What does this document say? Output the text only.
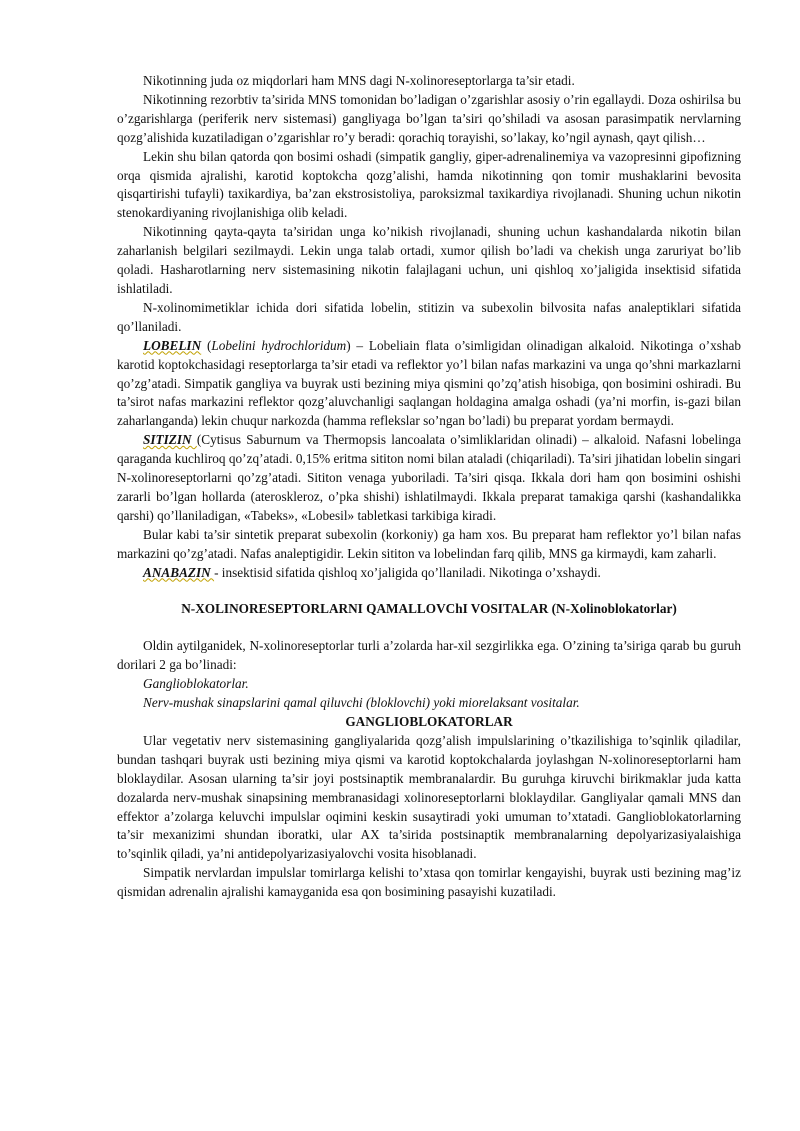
Nikotinning juda oz miqdorlari ham MNS dagi N-xolinoreseptorlarga ta’sir etadi.

Nikotinning rezorbtiv ta’sirida MNS tomonidan bo’ladigan o’zgarishlar asosiy o’rin egallaydi. Doza oshirilsa bu o’zgarishlarga (periferik nerv sistemasi) gangliyaga bo’lgan ta’siri qo’shiladi va asosan parasimpatik nervlarning qozg’alishida kuzatiladigan o’zgarishlar ro’y beradi: qorachiq torayishi, so’lakay, ko’ngil aynash, qayt qilish…

Lekin shu bilan qatorda qon bosimi oshadi (simpatik gangliy, giper-adrenalinemiya va vazopresinni gipofizning orqa qismida ajralishi, karotid koptokcha qozg’alishi, hamda nikotinning qon tomir mushaklarini bevosita qisqartirishi tufayli) taxikardiya, ba’zan ekstrosistoliya, paroksizmal taxikardiya rivojlanadi. Shuning uchun nikotin stenokardiyaning rivojlanishiga olib keladi.

Nikotinning qayta-qayta ta’siridan unga ko’nikish rivojlanadi, shuning uchun kashandalarda nikotin bilan zaharlanish belgilari sezilmaydi. Lekin unga talab ortadi, xumor qilish bo’ladi va chekish unga zaruriyat bo’lib qoladi. Hasharotlarning nerv sistemasining nikotin falajlagani uchun, uni qishloq xo’jaligida insektisid sifatida ishlatiladi.

N-xolinomimetiklar ichida dori sifatida lobelin, stitizin va subexolin bilvosita nafas analeptiklari sifatida qo’llaniladi.

LOBELIN (Lobelini hydrochloridum) – Lobeliain flata o’simligidan olinadigan alkaloid. Nikotinga o’xshab karotid koptokchasidagi reseptorlarga ta’sir etadi va reflektor yo’l bilan nafas markazini va unga qo’shni markazlarni qo’zg’atadi. Simpatik gangliya va buyrak usti bezining miya qismini qo’zq’atish hisobiga, qon bosimini oshiradi. Bu ta’sirot nafas markazini reflektor qozg’aluvchanligi saqlangan holdagina amalga oshadi (ya’ni morfin, is-gazi bilan zaharlanganda) lekin chuqur narkozda (hamma reflekslar so’ngan bo’ladi) bu preparat yordam bermaydi.

SITIZIN (Cytisus Saburnum va Thermopsis lancoalata o’simliklaridan olinadi) – alkaloid. Nafasni lobelinga qaraganda kuchliroq qo’zq’atadi. 0,15% eritma sititon nomi bilan ataladi (chiqariladi). Ta’siri jihatidan lobelin singari N-xolinoreseptorlarni qo’zg’atadi. Sititon venaga yuboriladi. Ta’siri qisqa. Ikkala dori ham qon bosimini oshishi zararli bo’lgan hollarda (ateroskleroz, o’pka shishi) ishlatilmaydi. Ikkala preparat tamakiga qarshi (kashandalikka qarshi) qo’llaniladigan, «Tabeks», «Lobesil» tabletkasi tarkibiga kiradi.

Bular kabi ta’sir sintetik preparat subexolin (korkoniy) ga ham xos. Bu preparat ham reflektor yo’l bilan nafas markazini qo’zg’atadi. Nafas analeptigidir. Lekin sititon va lobelindan farq qilib, MNS ga kirmaydi, kam zaharli.

ANABAZIN - insektisid sifatida qishloq xo’jaligida qo’llaniladi. Nikotinga o’xshaydi.

N-XOLINORESEPTORLARNI QAMALLOVChI VOSITALAR (N-Xolinoblokatorlar)

Oldin aytilganidek, N-xolinoreseptorlar turli a’zolarda har-xil sezgirlikka ega. O’zining ta’siriga qarab bu guruh dorilari 2 ga bo’linadi:

Ganglioblokatorlar.

Nerv-mushak sinapslarini qamal qiluvchi (bloklovchi) yoki miorelaksant vositalar.

GANGLIOBLOKATORLAR

Ular vegetativ nerv sistemasining gangliyalarida qozg’alish impulslarining o’tkazilishiga to’sqinlik qiladilar, bundan tashqari buyrak usti bezining miya qismi va karotid koptokchalarda joylashgan N-xolinoreseptorlarni ham bloklaydilar. Asosan ularning ta’sir joyi postsinaptik membranalardir. Bu guruhga kiruvchi birikmaklar juda katta dozalarda nerv-mushak sinapsining membranasidagi xolinoreseptorlarni bloklaydilar. Gangliyalar qamali MNS dan effektor a’zolarga keluvchi impulslar oqimini keskin susaytiradi yoki umuman to’xtatadi. Ganglioblokatorlarning ta’sir mexanizimi shundan iboratki, ular AX ta’sirida postsinaptik membranalarning depolyarizasiyalaishiga to’sqinlik qiladi, ya’ni antidepolyarizasiyalovchi vosita hisoblanadi.

Simpatik nervlardan impulslar tomirlarga kelishi to’xtasa qon tomirlar kengayishi, buyrak usti bezining mag’iz qismidan adrenalin ajralishi kamayganida esa qon bosimining pasayishi kuzatiladi.
